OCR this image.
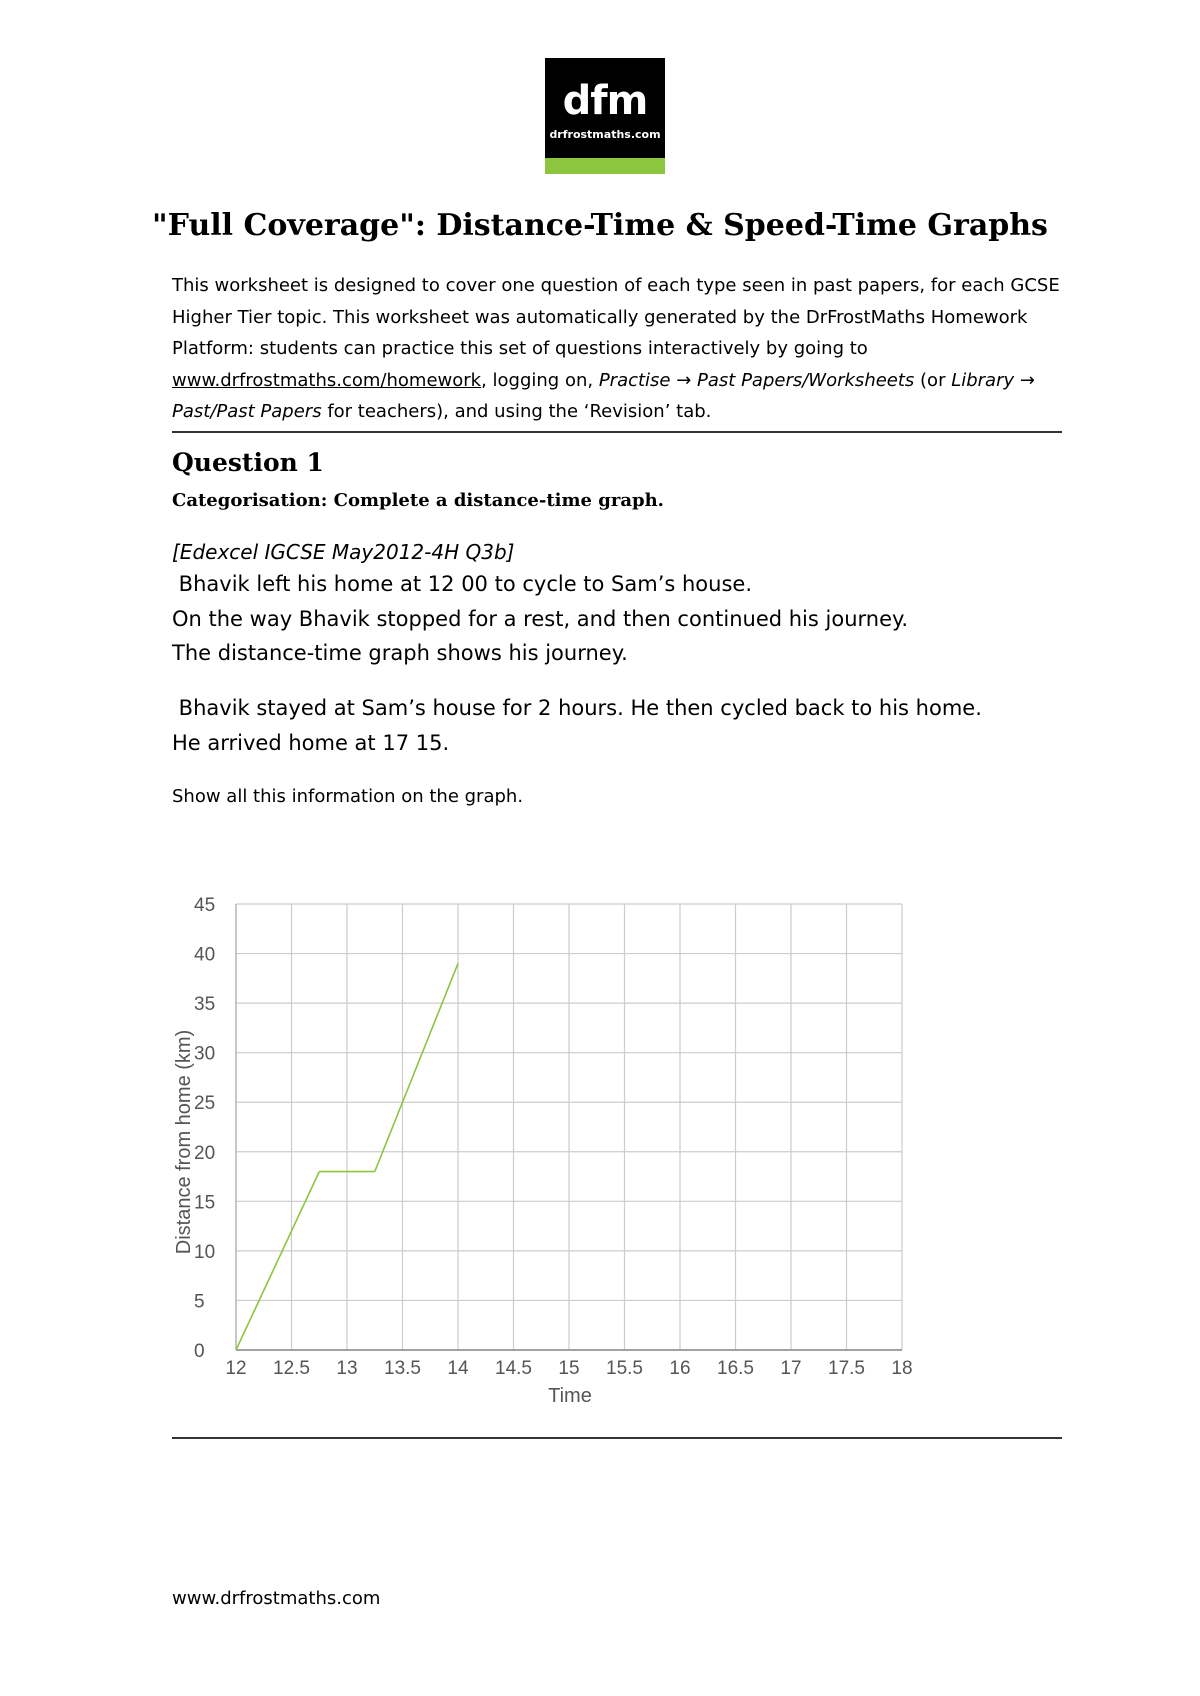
dfm
drfrostmaths.com
"Full Coverage": Distance-Time & Speed-Time Graphs

This worksheet is designed to cover one question of each type seen in past papers, for each GCSE Higher Tier topic. This worksheet was automatically generated by the DrFrostMaths Homework Platform: students can practice this set of questions interactively by going to www.drfrostmaths.com/homework, logging on, Practise → Past Papers/Worksheets (or Library → Past/Past Papers for teachers), and using the ‘Revision’ tab.

Question 1

Categorisation: Complete a distance-time graph.

[Edexcel IGCSE May2012-4H Q3b]

Bhavik left his home at 12 00 to cycle to Sam’s house.
On the way Bhavik stopped for a rest, and then continued his journey.
The distance-time graph shows his journey.
Bhavik stayed at Sam’s house for 2 hours. He then cycled back to his home.
He arrived home at 17 15.

Show all this information on the graph.

0
5
10
15
20
25
30
35
40
45
12 12.5 13 13.5 14 14.5 15 15.5 16 16.5 17 17.5 18
Time
Distance from home (km)

www.drfrostmaths.com
